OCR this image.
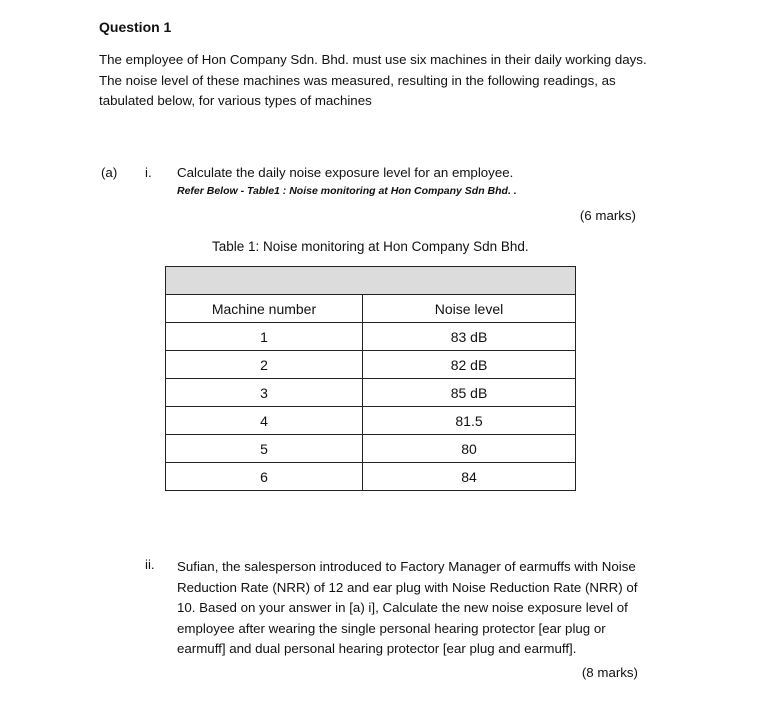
Question 1
The employee of Hon Company Sdn. Bhd. must use six machines in their daily working days. The noise level of these machines was measured, resulting in the following readings, as tabulated below, for various types of machines
(a) i. Calculate the daily noise exposure level for an employee.
Refer Below - Table1 : Noise monitoring at Hon Company Sdn Bhd. .
(6 marks)
Table 1: Noise monitoring at Hon Company Sdn Bhd.

Machine number	Noise level
1	83 dB
2	82 dB
3	85 dB
4	81.5
5	80
6	84
ii. Sufian, the salesperson introduced to Factory Manager of earmuffs with Noise Reduction Rate (NRR) of 12 and ear plug with Noise Reduction Rate (NRR) of 10. Based on your answer in [a) i], Calculate the new noise exposure level of employee after wearing the single personal hearing protector [ear plug or earmuff] and dual personal hearing protector [ear plug and earmuff].
(8 marks)
